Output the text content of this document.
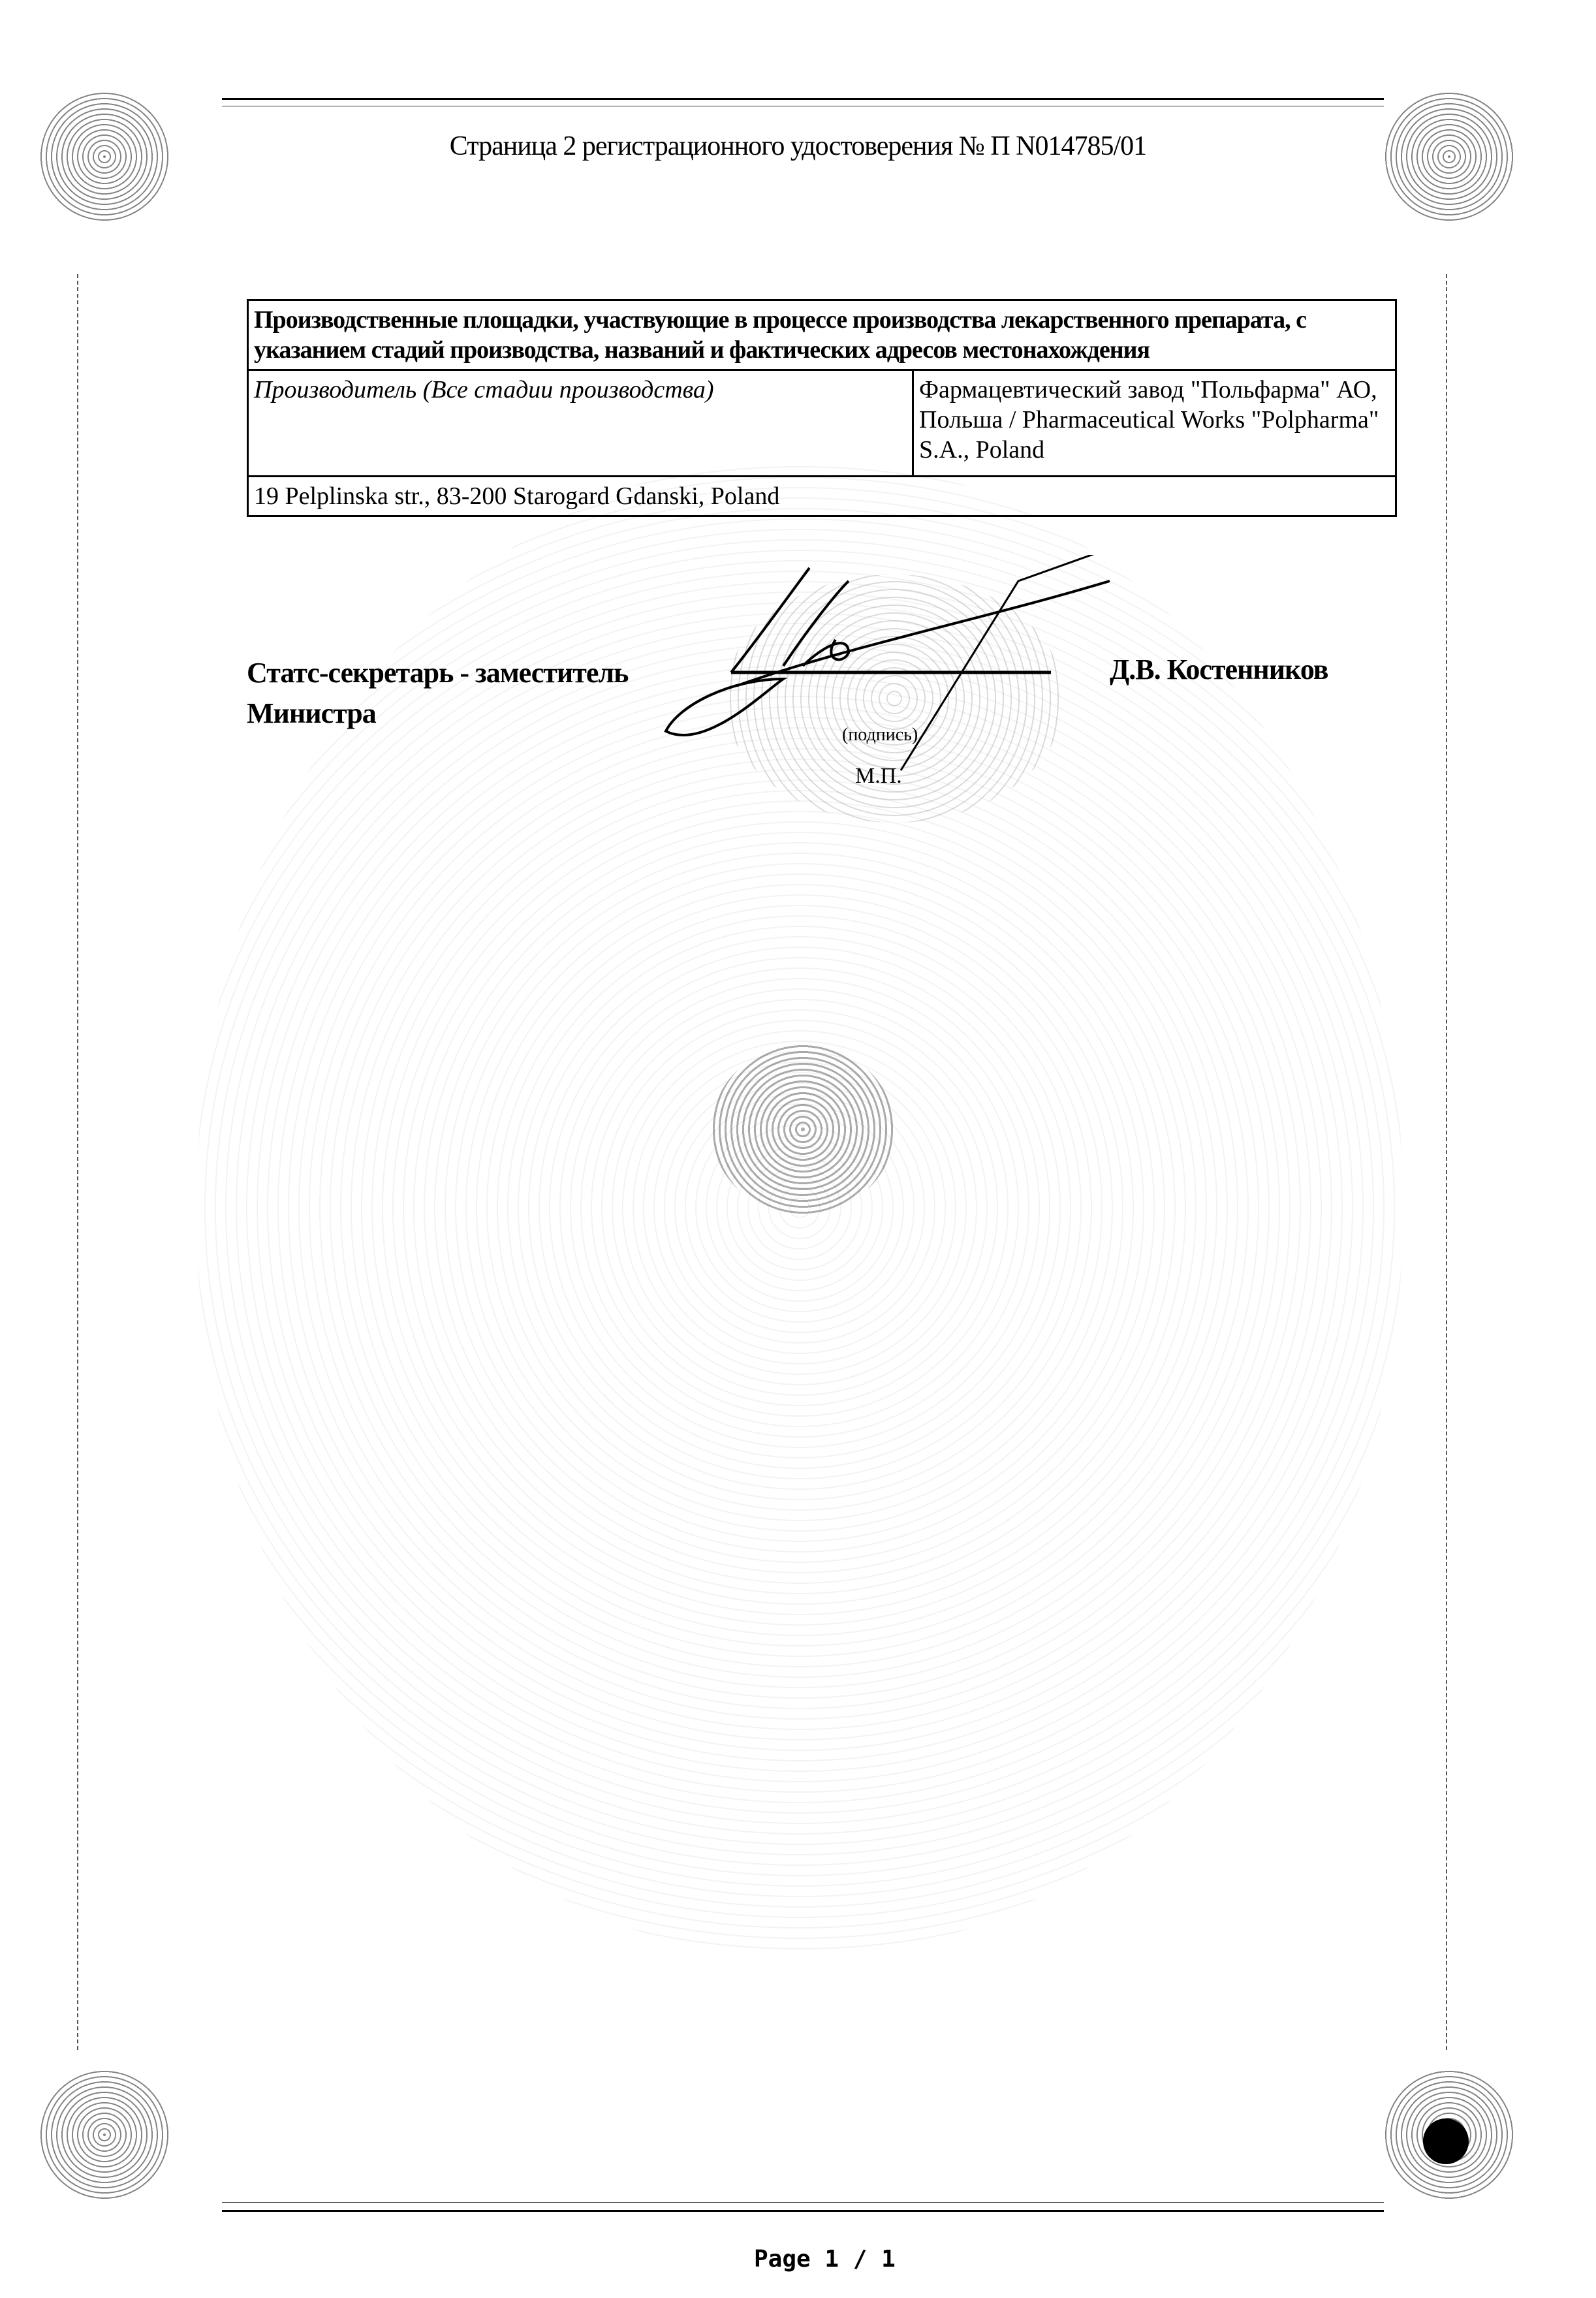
Страница 2 регистрационного удостоверения № П N014785/01
Производственные площадки, участвующие в процессе производства лекарственного препарата, с указанием стадий производства, названий и фактических адресов местонахождения
Производитель (Все стадии производства)	Фармацевтический завод "Польфарма" АО, Польша / Pharmaceutical Works "Polpharma" S.A., Poland
19 Pelplinska str., 83-200 Starogard Gdanski, Poland
Статс-секретарь - заместитель Министра
(подпись)
М.П.
Д.В. Костенников
Page 1 / 1
